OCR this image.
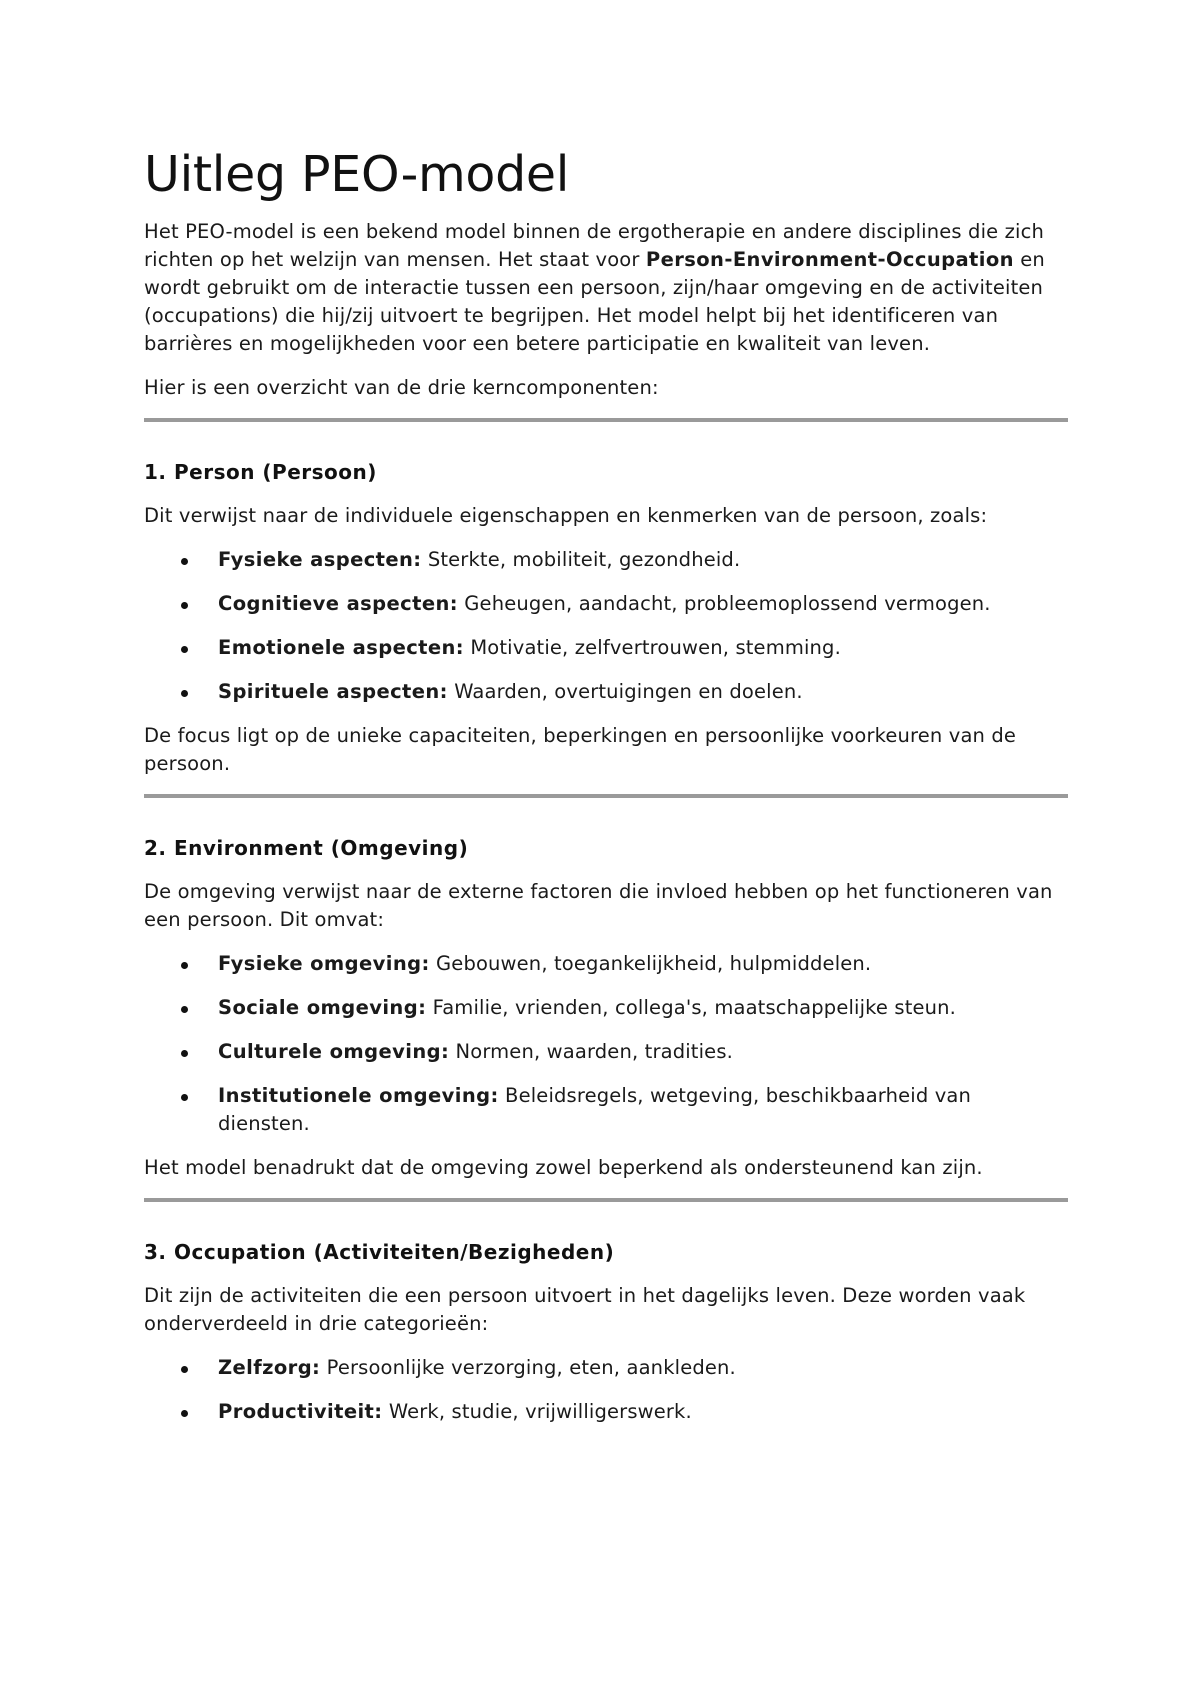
Uitleg PEO-model

Het PEO-model is een bekend model binnen de ergotherapie en andere disciplines die zich richten op het welzijn van mensen. Het staat voor Person-Environment-Occupation en wordt gebruikt om de interactie tussen een persoon, zijn/haar omgeving en de activiteiten (occupations) die hij/zij uitvoert te begrijpen. Het model helpt bij het identificeren van barrières en mogelijkheden voor een betere participatie en kwaliteit van leven.

Hier is een overzicht van de drie kerncomponenten:

1. Person (Persoon)

Dit verwijst naar de individuele eigenschappen en kenmerken van de persoon, zoals:

Fysieke aspecten: Sterkte, mobiliteit, gezondheid.
Cognitieve aspecten: Geheugen, aandacht, probleemoplossend vermogen.
Emotionele aspecten: Motivatie, zelfvertrouwen, stemming.
Spirituele aspecten: Waarden, overtuigingen en doelen.

De focus ligt op de unieke capaciteiten, beperkingen en persoonlijke voorkeuren van de persoon.

2. Environment (Omgeving)

De omgeving verwijst naar de externe factoren die invloed hebben op het functioneren van een persoon. Dit omvat:

Fysieke omgeving: Gebouwen, toegankelijkheid, hulpmiddelen.
Sociale omgeving: Familie, vrienden, collega's, maatschappelijke steun.
Culturele omgeving: Normen, waarden, tradities.
Institutionele omgeving: Beleidsregels, wetgeving, beschikbaarheid van diensten.

Het model benadrukt dat de omgeving zowel beperkend als ondersteunend kan zijn.

3. Occupation (Activiteiten/Bezigheden)

Dit zijn de activiteiten die een persoon uitvoert in het dagelijks leven. Deze worden vaak onderverdeeld in drie categorieën:

Zelfzorg: Persoonlijke verzorging, eten, aankleden.
Productiviteit: Werk, studie, vrijwilligerswerk.
